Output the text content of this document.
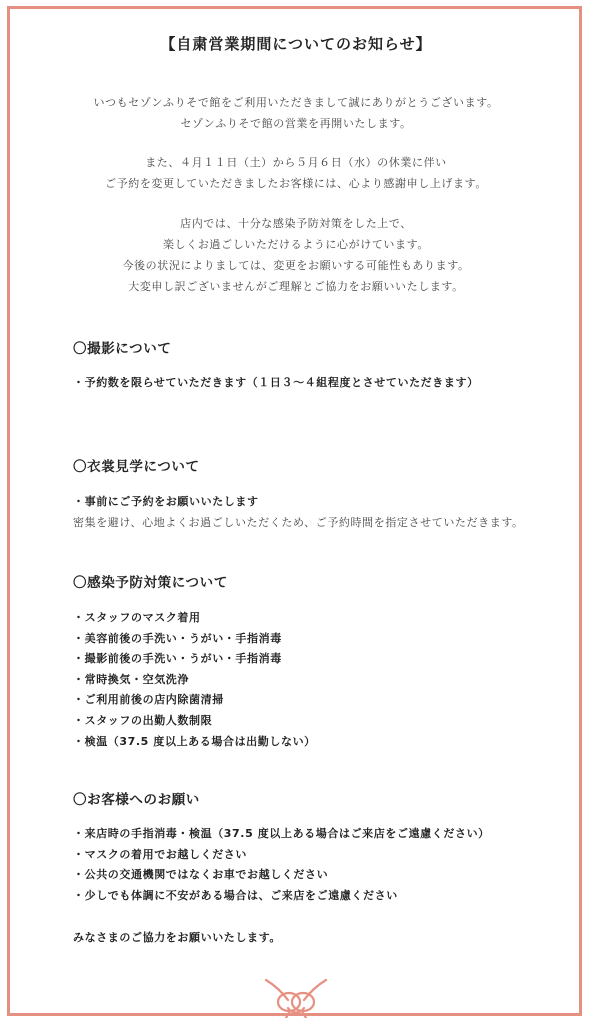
【自粛営業期間についてのお知らせ】

いつもセゾンふりそで館をご利用いただきまして誠にありがとうございます。

セゾンふりそで館の営業を再開いたします。

また、４月１１日（土）から５月６日（水）の休業に伴い

ご予約を変更していただきましたお客様には、心より感謝申し上げます。

店内では、十分な感染予防対策をした上で、

楽しくお過ごしいただけるように心がけています。

今後の状況によりましては、変更をお願いする可能性もあります。

大変申し訳ございませんがご理解とご協力をお願いいたします。

〇撮影について
・予約数を限らせていただきます（１日３〜４組程度とさせていただきます）
〇衣裳見学について
・事前にご予約をお願いいたします
密集を避け、心地よくお過ごしいただくため、ご予約時間を指定させていただきます。
〇感染予防対策について
・スタッフのマスク着用
・美容前後の手洗い・うがい・手指消毒
・撮影前後の手洗い・うがい・手指消毒
・常時換気・空気洗浄
・ご利用前後の店内除菌清掃
・スタッフの出勤人数制限
・検温（37.5 度以上ある場合は出勤しない）
〇お客様へのお願い
・来店時の手指消毒・検温（37.5 度以上ある場合はご来店をご遠慮ください）
・マスクの着用でお越しください
・公共の交通機関ではなくお車でお越しください
・少しでも体調に不安がある場合は、ご来店をご遠慮ください
みなさまのご協力をお願いいたします。
